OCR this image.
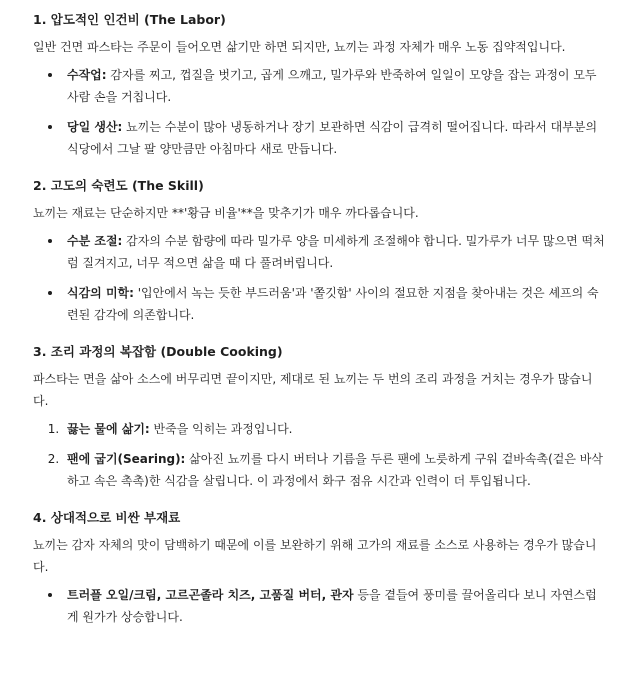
1. 압도적인 인건비 (The Labor)

일반 건면 파스타는 주문이 들어오면 삶기만 하면 되지만, 뇨끼는 과정 자체가 매우 노동 집약적입니다.

• 수작업: 감자를 찌고, 껍질을 벗기고, 곱게 으깨고, 밀가루와 반죽하여 일일이 모양을 잡는 과정이 모두 사람 손을 거칩니다.
• 당일 생산: 뇨끼는 수분이 많아 냉동하거나 장기 보관하면 식감이 급격히 떨어집니다. 따라서 대부분의 식당에서 그날 팔 양만큼만 아침마다 새로 만듭니다.
2. 고도의 숙련도 (The Skill)

뇨끼는 재료는 단순하지만 **'황금 비율'**을 맞추기가 매우 까다롭습니다.

• 수분 조절: 감자의 수분 함량에 따라 밀가루 양을 미세하게 조절해야 합니다. 밀가루가 너무 많으면 떡처럼 질겨지고, 너무 적으면 삶을 때 다 풀려버립니다.
• 식감의 미학: '입안에서 녹는 듯한 부드러움'과 '쫄깃함' 사이의 절묘한 지점을 찾아내는 것은 셰프의 숙련된 감각에 의존합니다.
3. 조리 과정의 복잡함 (Double Cooking)

파스타는 면을 삶아 소스에 버무리면 끝이지만, 제대로 된 뇨끼는 두 번의 조리 과정을 거치는 경우가 많습니다.

1. 끓는 물에 삶기: 반죽을 익히는 과정입니다.
2. 팬에 굽기(Searing): 삶아진 뇨끼를 다시 버터나 기름을 두른 팬에 노릇하게 구워 겉바속촉(겉은 바삭하고 속은 촉촉)한 식감을 살립니다. 이 과정에서 화구 점유 시간과 인력이 더 투입됩니다.
4. 상대적으로 비싼 부재료

뇨끼는 감자 자체의 맛이 담백하기 때문에 이를 보완하기 위해 고가의 재료를 소스로 사용하는 경우가 많습니다.

• 트러플 오일/크림, 고르곤졸라 치즈, 고품질 버터, 관자 등을 곁들여 풍미를 끌어올리다 보니 자연스럽게 원가가 상승합니다.
